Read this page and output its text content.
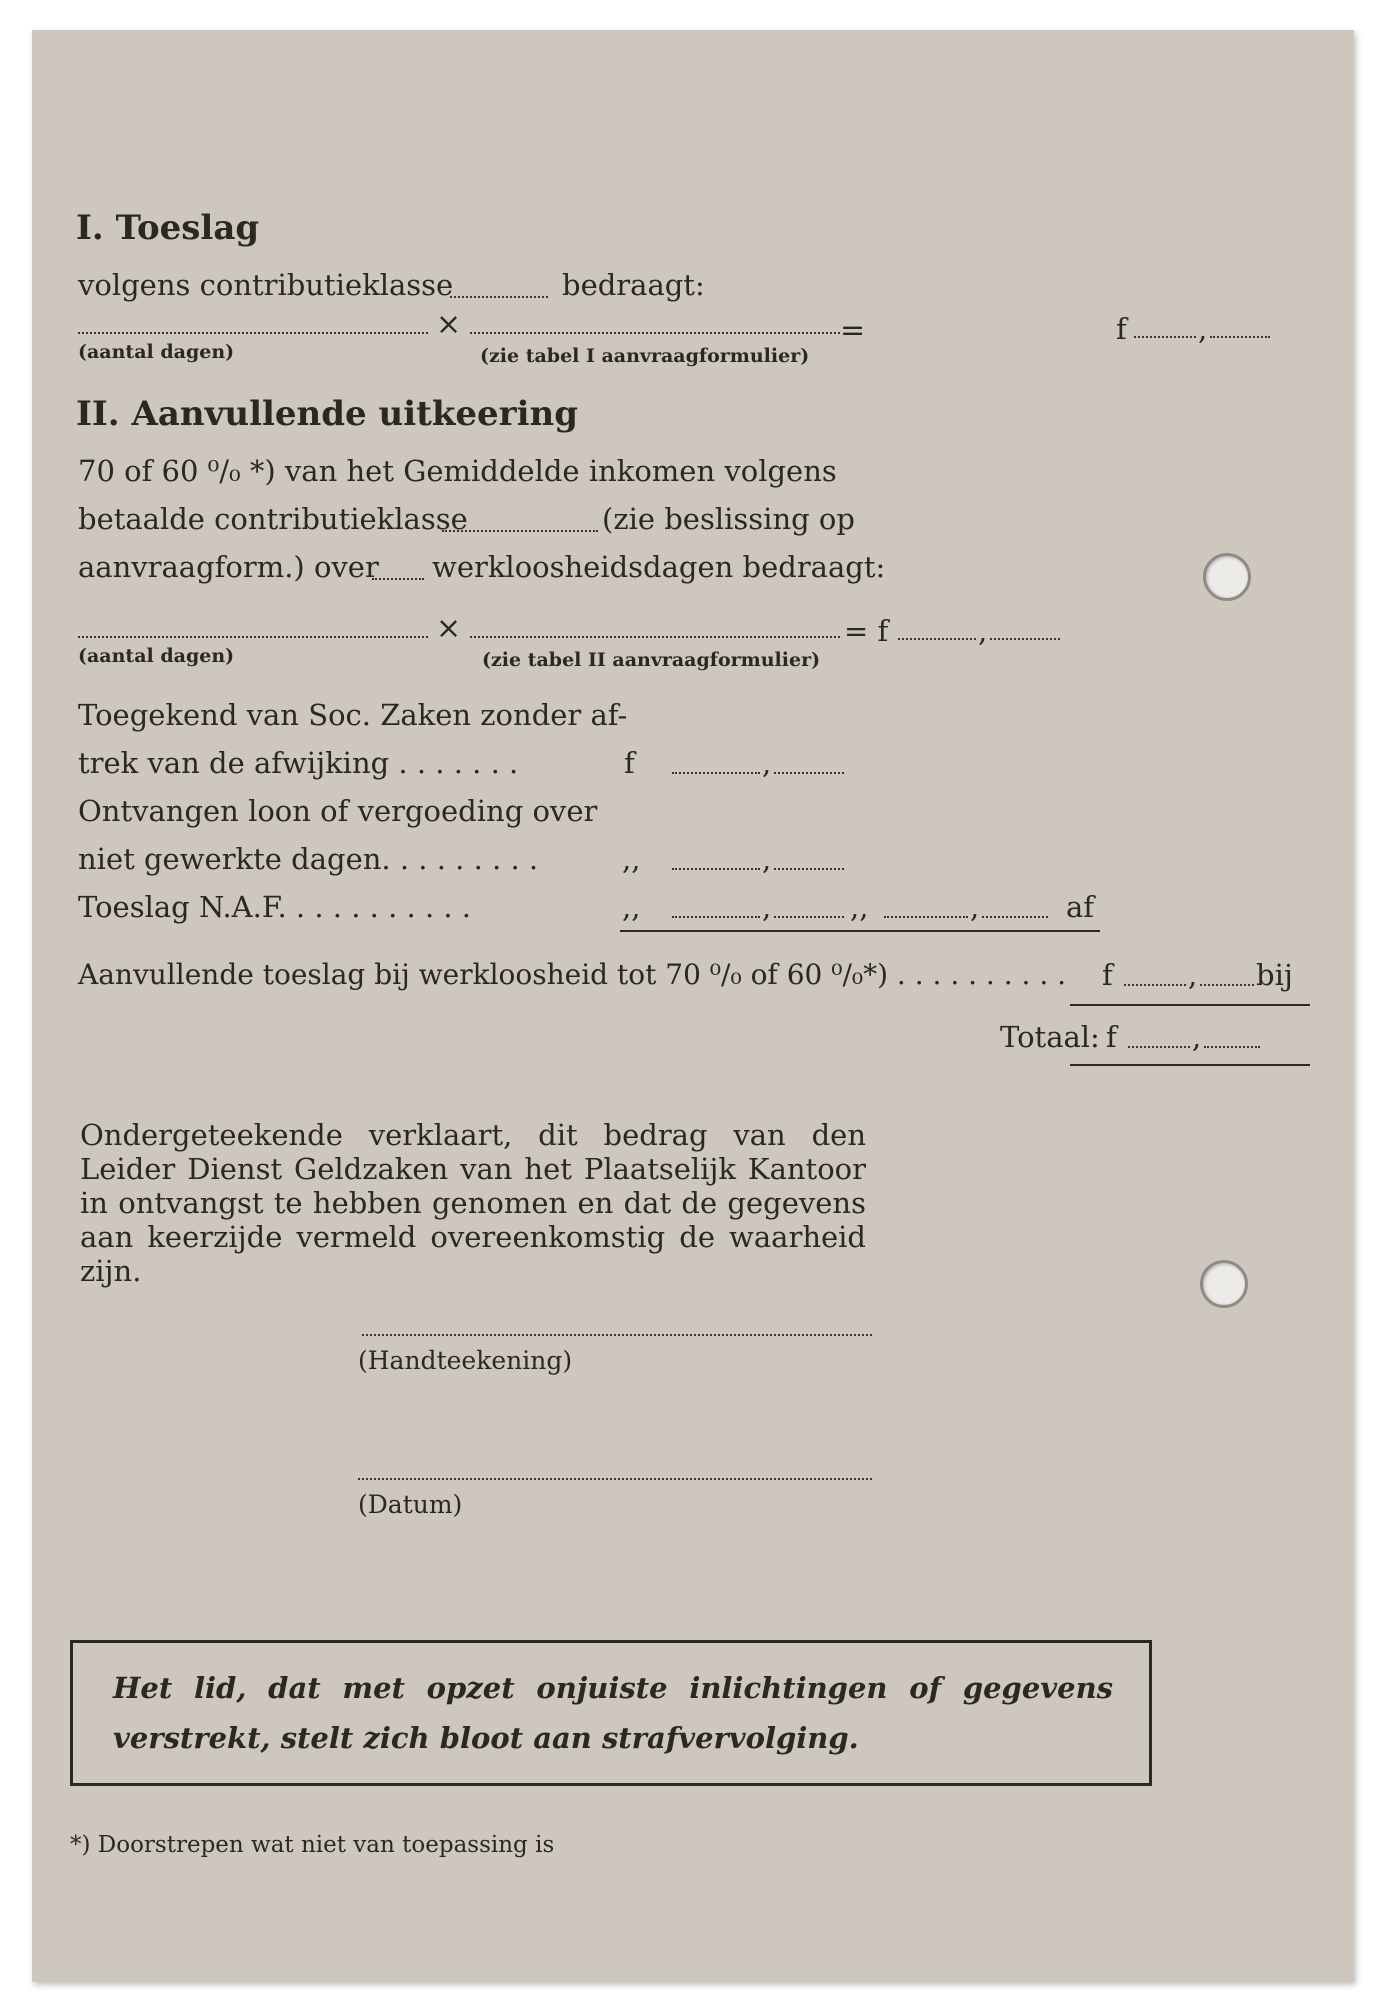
I. Toeslag
volgens contributieklasse	bedraagt:
×	=	f ,
(aantal dagen)	(zie tabel I aanvraagformulier)
II. Aanvullende uitkeering
70 of 60 ⁰/₀ *) van het Gemiddelde inkomen volgens
betaalde contributieklasse	(zie beslissing op
aanvraagform.) over werkloosheidsdagen bedraagt:
×	= f	,
(aantal dagen)	(zie tabel II aanvraagformulier)
Toegekend van Soc. Zaken zonder af-
trek van de afwijking . . . . . . .	f	,
Ontvangen loon of vergoeding over
niet gewerkte dagen. . . . . . . . .	,,	,
Toeslag N.A.F. . . . . . . . . . .	,,	,	,,	,	af
Aanvullende toeslag bij werkloosheid tot 70 ⁰/₀ of 60 ⁰/₀*) . . . . . . . . . . f	, bij
Totaal: f	,
Ondergeteekende verklaart, dit bedrag van den Leider Dienst Geldzaken van het Plaatselijk Kantoor in ontvangst te hebben genomen en dat de gegevens aan keerzijde vermeld overeenkomstig de waarheid zijn.
(Handteekening)
(Datum)
Het lid, dat met opzet onjuiste inlichtingen of gegevens verstrekt, stelt zich bloot aan strafvervolging.
*) Doorstrepen wat niet van toepassing is
